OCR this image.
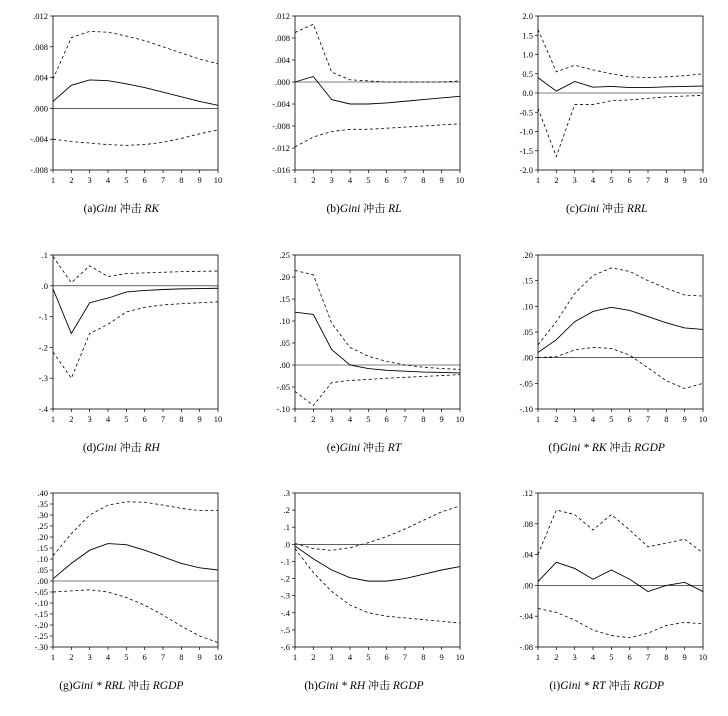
-.008
-.004
.000
.004
.008
.012
1 2 3 4 5 6 7 8 9 10
(a)Gini 冲击 RK
-.016
-.012
-.008
-.004
.000
.004
.008
.012
1 2 3 4 5 6 7 8 9 10
(b)Gini 冲击 RL
-2.0
-1.5
-1.0
-0.5
0.0
0.5
1.0
1.5
2.0
1 2 3 4 5 6 7 8 9 10
(c)Gini 冲击 RRL
-.4
-.3
-.2
-.1
.0
.1
1 2 3 4 5 6 7 8 9 10
(d)Gini 冲击 RH
-.10
-.05
.00
.05
.10
.15
.20
.25
1 2 3 4 5 6 7 8 9 10
(e)Gini 冲击 RT
-.10
-.05
.00
.05
.10
.15
.20
1 2 3 4 5 6 7 8 9 10
(f)Gini * RK 冲击 RGDP
-.30
-.25
-.20
-.15
-.10
-.05
.00
.05
.10
.15
.20
.25
.30
.35
.40
1 2 3 4 5 6 7 8 9 10
(g)Gini * RRL 冲击 RGDP
-.6
-.5
-.4
-.3
-.2
-.1
.0
.1
.2
.3
1 2 3 4 5 6 7 8 9 10
(h)Gini * RH 冲击 RGDP
-.08
-.04
.00
.04
.08
.12
1 2 3 4 5 6 7 8 9 10
(i)Gini * RT 冲击 RGDP
